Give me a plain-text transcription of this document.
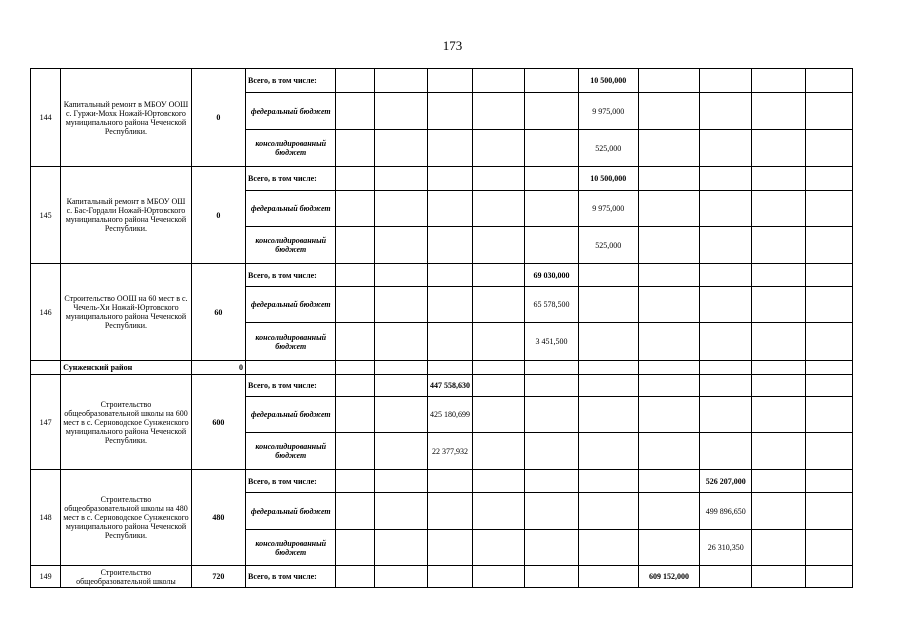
173
144	Капитальный ремонт в МБОУ ООШ с. Гуржи-Мохк Ножай-Юртовского муниципального района Чеченской Республики.	0	Всего, в том числе:						10 500,000				
			федеральный бюджет						9 975,000				
			консолидированный бюджет						525,000				
145	Капитальный ремонт в МБОУ ОШ с. Бас-Гордали Ножай-Юртовского муниципального района Чеченской Республики.	0	Всего, в том числе:						10 500,000				
			федеральный бюджет						9 975,000				
			консолидированный бюджет						525,000				
146	Строительство ООШ на 60 мест в с. Чечель-Хи Ножай-Юртовского муниципального района Чеченской Республики.	60	Всего, в том числе:					69 030,000					
			федеральный бюджет					65 578,500					
			консолидированный бюджет					3 451,500					
	Сунженский район	0											
147	Строительство общеобразовательной школы на 600 мест в с. Серноводское Сунженского муниципального района Чеченской Республики.	600	Всего, в том числе:			447 558,630							
			федеральный бюджет			425 180,699							
			консолидированный бюджет			22 377,932							
148	Строительство общеобразовательной школы на 480 мест в с. Серноводское Сунженского муниципального района Чеченской Республики.	480	Всего, в том числе:								526 207,000		
			федеральный бюджет								499 896,650		
			консолидированный бюджет								26 310,350		
149	Строительство общеобразовательной школы	720	Всего, в том числе:							609 152,000			
